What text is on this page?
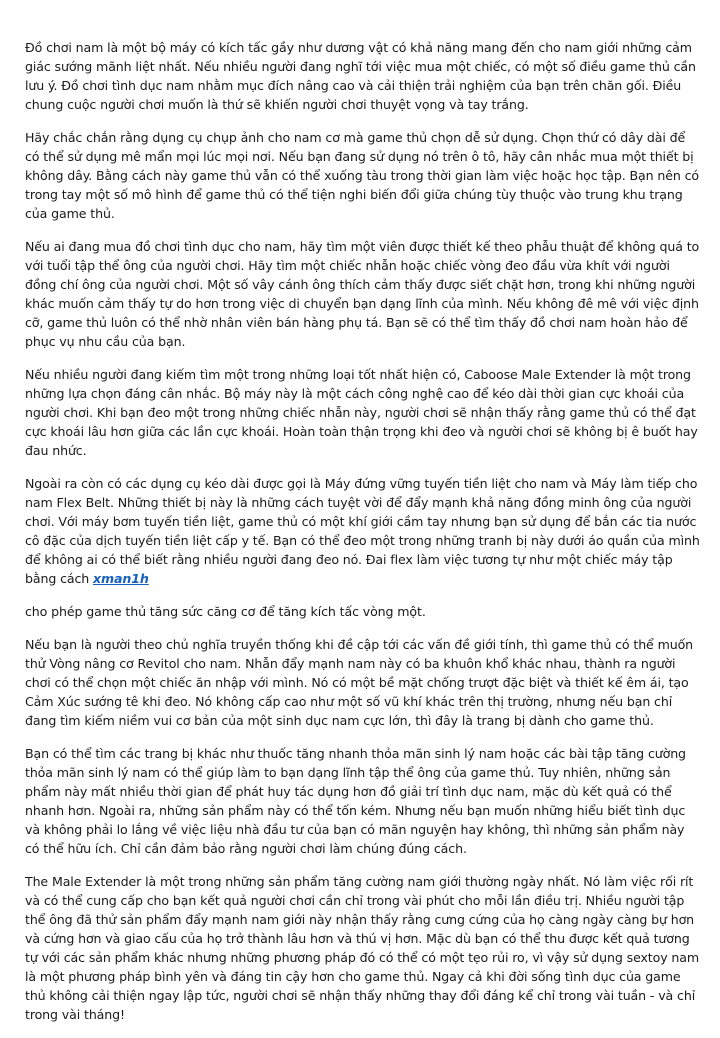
Đồ chơi nam là một bộ máy có kích tấc gầy như dương vậ̣t có khả năng mang đến cho nam giới những cảm giác sướng mãnh liệt nhất. Nếu nhiều người đang nghĩ tới việc mua một chiếc, có một số điều game thủ cần lưu ý. Đồ chơi tình dục nam nhằm mục đích nâng cao và cải thiện trải nghiệm của bạn trên chăn gối. Điều chung cuộc người chơi muốn là thứ sẽ khiến người chơi thuyệt vọng và tay trắng.

Hãy chắc chắn rằng dụng cụ chụp ảnh cho nam cơ mà game thủ chọn dễ sử dụng. Chọn thứ có dây dài để có thể sử dụng mê mẩn mọi lúc mọi nơi. Nếu bạn đang sử dụng nó trên ô tô, hãy cân nhắc mua một thiết bị không dây. Bằng cách này game thủ vẫn có thể xuống tàu trong thời gian làm việc hoặc học tập. Bạn nên có trong tay một số mô hình để game thủ có thể tiện nghi biến đổi giữa chúng tùy thuộc vào trung khu trạng của game thủ.

Nếu ai đang mua đồ chơi tình dục cho nam, hãy tìm một viên được thiết kế theo phẫu thuật để không quá to với tuổi tập thể ông của người chơi. Hãy tìm một chiếc nhẫn hoặc chiếc vòng đeo đầu vừa khít với người đồng chí ông của người chơi. Một số vây cánh ông thích cảm thấy được siết chặt hơn, trong khi những người khác muốn cảm thấy tự do hơn trong việc di chuyển bạn dạng lĩnh của mình. Nếu không đê mê với việc định cỡ, game thủ luôn có thể nhờ nhân viên bán hàng phụ tá. Bạn sẽ có thể tìm thấy đồ chơi nam hoàn hảo để phục vụ nhu cầu của bạn.

Nếu nhiều người đang kiếm tìm một trong những loại tốt nhất hiện có, Caboose Male Extender là một trong những lựa chọn đáng cân nhắc. Bộ máy này là một cách công nghệ cao để kéo dài thời gian cực khoái của người chơi. Khi bạn đeo một trong những chiếc nhẫn này, người chơi sẽ nhận thấy rằng game thủ có thể đạt cực khoái lâu hơn giữa các lần cực khoái. Hoàn toàn thận trọng khi đeo và người chơi sẽ không bị ê buốt hay đau nhức.

Ngoài ra còn có các dụng cụ kéo dài được gọi là Máy đứng vững tuyến tiền liệt cho nam và Máy làm tiếp cho nam Flex Belt. Những thiết bị này là những cách tuyệt vời để đẩy mạnh khả năng đồng minh ông của người chơi. Với máy bơm tuyến tiền liệt, game thủ có một khí giới cầm tay nhưng bạn sử dụng để bắn các tia nước cô đặc của dịch tuyến tiền liệt cấp y tế. Bạn có thể đeo một trong những tranh bị này dưới áo quần của mình để không ai có thể biết rằng nhiều người đang đeo nó. Đai flex làm việc tương tự như một chiếc máy tập bằng cách xman1h

cho phép game thủ tăng sức căng cơ để tăng kích tấc vòng một.

Nếu bạn là người theo chủ nghĩa truyền thống khi đề cập tới các vấn đề giới tính, thì game thủ có thể muốn thử Vòng nâng cơ Revitol cho nam. Nhẫn đẩy mạnh nam này có ba khuôn khổ khác nhau, thành ra người chơi có thể chọn một chiếc ăn nhập với mình. Nó có một bề mặt chống trượt đặc biệt và thiết kế êm ái, tạo Cảm Xúc sướng tê khi đeo. Nó không cấp cao như một số vũ khí khác trên thị trường, nhưng nếu bạn chỉ đang tìm kiếm niềm vui cơ bản của một sinh dục nam cực lớn, thì đây là trang bị dành cho game thủ.

Bạn có thể tìm các trang bị khác như thuốc tăng nhanh thỏa mãn sinh lý nam hoặc các bài tập tăng cường thỏa mãn sinh lý nam có thể giúp làm to bạn dạng lĩnh tập thể ông của game thủ. Tuy nhiên, những sản phẩm này mất nhiều thời gian để phát huy tác dụng hơn đồ giải trí tình dục nam, mặc dù kết quả có thể nhanh hơn. Ngoài ra, những sản phẩm này có thể tốn kém. Nhưng nếu bạn muốn những hiểu biết tình dục và không phải lo lắng về việc liệu nhà đầu tư của bạn có mãn nguyện hay không, thì những sản phẩm này có thể hữu ích. Chỉ cần đảm bảo rằng người chơi làm chúng đúng cách.

The Male Extender là một trong những sản phẩm tăng cường nam giới thường ngày nhất. Nó làm việc rối rít và có thể cung cấp cho bạn kết quả người chơi cần chỉ trong vài phút cho mỗi lần điều trị. Nhiều người tập thể ông đã thử sản phẩm đẩy mạnh nam giới này nhận thấy rằng cưng cứng của họ càng ngày càng bự hơn và cứng hơn và giao cấu của họ trở thành lâu hơn và thú vị hơn. Mặc dù bạn có thể thu được kết quả tương tự với các sản phẩm khác nhưng những phương pháp đó có thể có một tẹo rủi ro, vì vậy sử dụng sextoy nam là một phương pháp bình yên và đáng tin cậy hơn cho game thủ. Ngay cả khi đời sống tình dục của game thủ không cải thiện ngay lập tức, người chơi sẽ nhận thấy những thay đổi đáng kể chỉ trong vài tuần - và chỉ trong vài tháng!
